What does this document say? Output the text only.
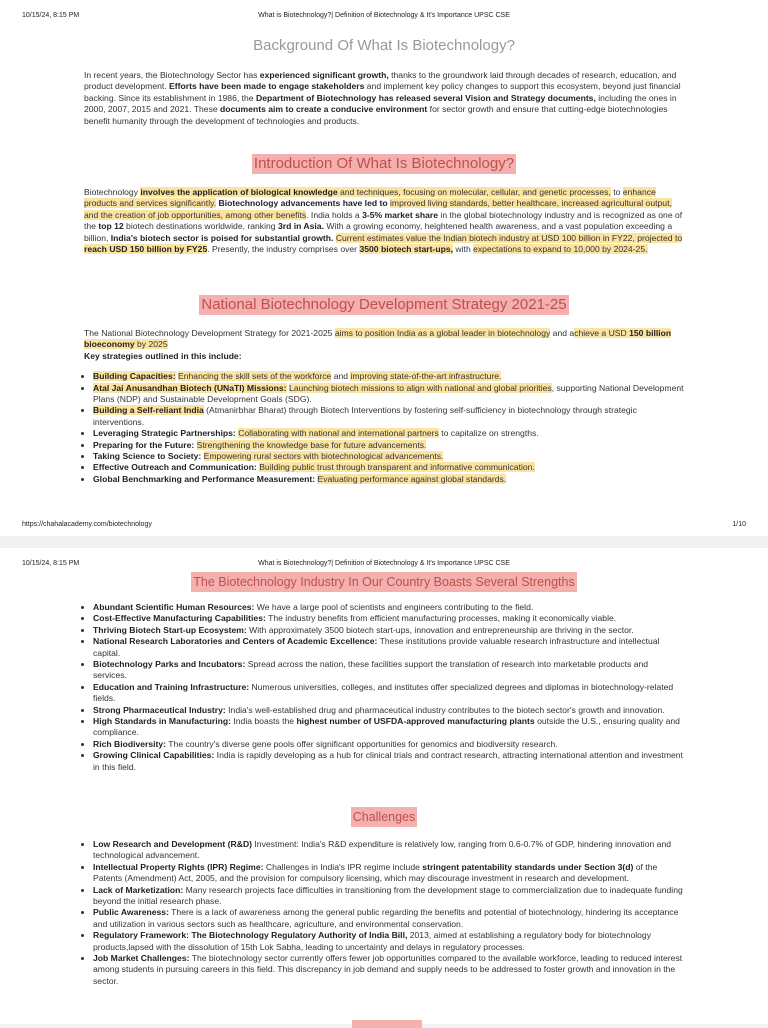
10/15/24, 8:15 PM	What is Biotechnology?| Definition of Biotechnology & It's Importance UPSC CSE
Background Of What Is Biotechnology?

In recent years, the Biotechnology Sector has experienced significant growth, thanks to the groundwork laid through decades of research, education, and product development. Efforts have been made to engage stakeholders and implement key policy changes to support this ecosystem, beyond just financial backing. Since its establishment in 1986, the Department of Biotechnology has released several Vision and Strategy documents, including the ones in 2000, 2007, 2015 and 2021. These documents aim to create a conducive environment for sector growth and ensure that cutting-edge biotechnologies benefit humanity through the development of technologies and products.

Introduction Of What Is Biotechnology?

Biotechnology involves the application of biological knowledge and techniques, focusing on molecular, cellular, and genetic processes, to enhance products and services significantly. Biotechnology advancements have led to improved living standards, better healthcare, increased agricultural output, and the creation of job opportunities, among other benefits. India holds a 3-5% market share in the global biotechnology industry and is recognized as one of the top 12 biotech destinations worldwide, ranking 3rd in Asia. With a growing economy, heightened health awareness, and a vast population exceeding a billion, India's biotech sector is poised for substantial growth. Current estimates value the Indian biotech industry at USD 100 billion in FY22, projected to reach USD 150 billion by FY25. Presently, the industry comprises over 3500 biotech start-ups, with expectations to expand to 10,000 by 2024-25.

National Biotechnology Development Strategy 2021-25

The National Biotechnology Development Strategy for 2021-2025 aims to position India as a global leader in biotechnology and achieve a USD 150 billion bioeconomy by 2025
Key strategies outlined in this include:

• Building Capacities: Enhancing the skill sets of the workforce and improving state-of-the-art infrastructure.
• Atal Jai Anusandhan Biotech (UNaTI) Missions: Launching biotech missions to align with national and global priorities, supporting National Development Plans (NDP) and Sustainable Development Goals (SDG).
• Building a Self-reliant India (Atmanirbhar Bharat) through Biotech Interventions by fostering self-sufficiency in biotechnology through strategic interventions.
• Leveraging Strategic Partnerships: Collaborating with national and international partners to capitalize on strengths.
• Preparing for the Future: Strengthening the knowledge base for future advancements.
• Taking Science to Society: Empowering rural sectors with biotechnological advancements.
• Effective Outreach and Communication: Building public trust through transparent and informative communication.
• Global Benchmarking and Performance Measurement: Evaluating performance against global standards.
https://chahalacademy.com/biotechnology	1/10
10/15/24, 8:15 PM	What is Biotechnology?| Definition of Biotechnology & It's Importance UPSC CSE
The Biotechnology Industry In Our Country Boasts Several Strengths
• Abundant Scientific Human Resources: We have a large pool of scientists and engineers contributing to the field.
• Cost-Effective Manufacturing Capabilities: The industry benefits from efficient manufacturing processes, making it economically viable.
• Thriving Biotech Start-up Ecosystem: With approximately 3500 biotech start-ups, innovation and entrepreneurship are thriving in the sector.
• National Research Laboratories and Centers of Academic Excellence: These institutions provide valuable research infrastructure and intellectual capital.
• Biotechnology Parks and Incubators: Spread across the nation, these facilities support the translation of research into marketable products and services.
• Education and Training Infrastructure: Numerous universities, colleges, and institutes offer specialized degrees and diplomas in biotechnology-related fields.
• Strong Pharmaceutical Industry: India's well-established drug and pharmaceutical industry contributes to the biotech sector's growth and innovation.
• High Standards in Manufacturing: India boasts the highest number of USFDA-approved manufacturing plants outside the U.S., ensuring quality and compliance.
• Rich Biodiversity: The country's diverse gene pools offer significant opportunities for genomics and biodiversity research.
• Growing Clinical Capabilities: India is rapidly developing as a hub for clinical trials and contract research, attracting international attention and investment in this field.
Challenges
• Low Research and Development (R&D) Investment: India's R&D expenditure is relatively low, ranging from 0.6-0.7% of GDP, hindering innovation and technological advancement.
• Intellectual Property Rights (IPR) Regime: Challenges in India's IPR regime include stringent patentability standards under Section 3(d) of the Patents (Amendment) Act, 2005, and the provision for compulsory licensing, which may discourage investment in research and development.
• Lack of Marketization: Many research projects face difficulties in transitioning from the development stage to commercialization due to inadequate funding beyond the initial research phase.
• Public Awareness: There is a lack of awareness among the general public regarding the benefits and potential of biotechnology, hindering its acceptance and utilization in various sectors such as healthcare, agriculture, and environmental conservation.
• Regulatory Framework: The Biotechnology Regulatory Authority of India Bill, 2013, aimed at establishing a regulatory body for biotechnology products,lapsed with the dissolution of 15th Lok Sabha, leading to uncertainty and delays in regulatory processes.
• Job Market Challenges: The biotechnology sector currently offers fewer job opportunities compared to the available workforce, leading to reduced interest among students in pursuing careers in this field. This discrepancy in job demand and supply needs to be addressed to foster growth and innovation in the sector.
